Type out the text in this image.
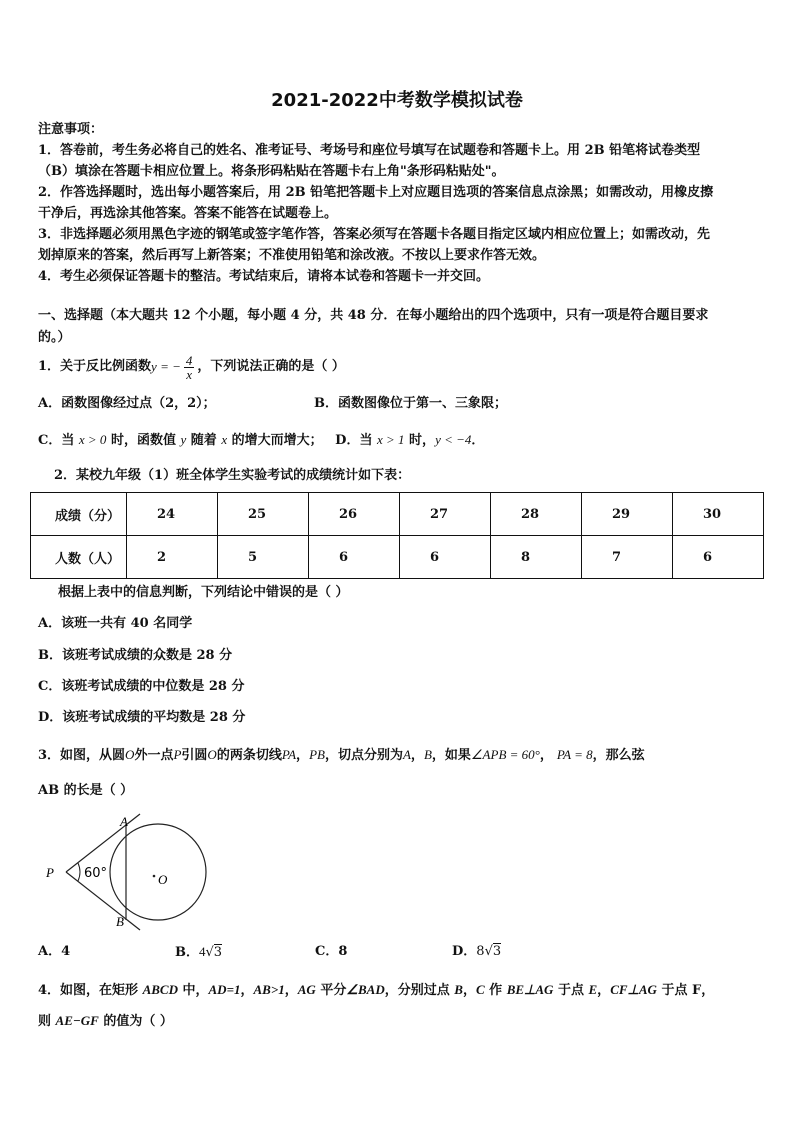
2021-2022中考数学模拟试卷
注意事项：
1．答卷前，考生务必将自己的姓名、准考证号、考场号和座位号填写在试题卷和答题卡上。用 2B 铅笔将试卷类型
（B）填涂在答题卡相应位置上。将条形码粘贴在答题卡右上角"条形码粘贴处"。
2．作答选择题时，选出每小题答案后，用 2B 铅笔把答题卡上对应题目选项的答案信息点涂黑；如需改动，用橡皮擦
干净后，再选涂其他答案。答案不能答在试题卷上。
3．非选择题必须用黑色字迹的钢笔或签字笔作答，答案必须写在答题卡各题目指定区域内相应位置上；如需改动，先
划掉原来的答案，然后再写上新答案；不准使用铅笔和涂改液。不按以上要求作答无效。
4．考生必须保证答题卡的整洁。考试结束后，请将本试卷和答题卡一并交回。
一、选择题（本大题共 12 个小题，每小题 4 分，共 48 分．在每小题给出的四个选项中，只有一项是符合题目要求
的。）
1．关于反比例函数 y = − $\frac{4}{x}$ ，下列说法正确的是（ ）
A．函数图像经过点（2，2）；	B．函数图像位于第一、三象限；
C．当 x > 0 时，函数值 y 随着 x 的增大而增大； D．当 x > 1 时，y < −4．
2．某校九年级（1）班全体学生实验考试的成绩统计如下表：
成绩（分）	24	25	26	27	28	29	30
人数（人）	2	5	6	6	8	7	6
根据上表中的信息判断，下列结论中错误的是（ ）
A．该班一共有 40 名同学
B．该班考试成绩的众数是 28 分
C．该班考试成绩的中位数是 28 分
D．该班考试成绩的平均数是 28 分
3．如图，从圆O外一点P引圆O的两条切线PA，PB，切点分别为A，B，如果∠APB = 60°， PA = 8，那么弦
AB 的长是（ ）
60°
A
B
P	O
A．4	B．4√3	C．8	D．8√3
4．如图，在矩形 ABCD 中，AD=1，AB>1，AG 平分∠BAD，分别过点 B，C 作 BE⊥AG 于点 E，CF⊥AG 于点 F，
则 AE−GF 的值为（ ）
